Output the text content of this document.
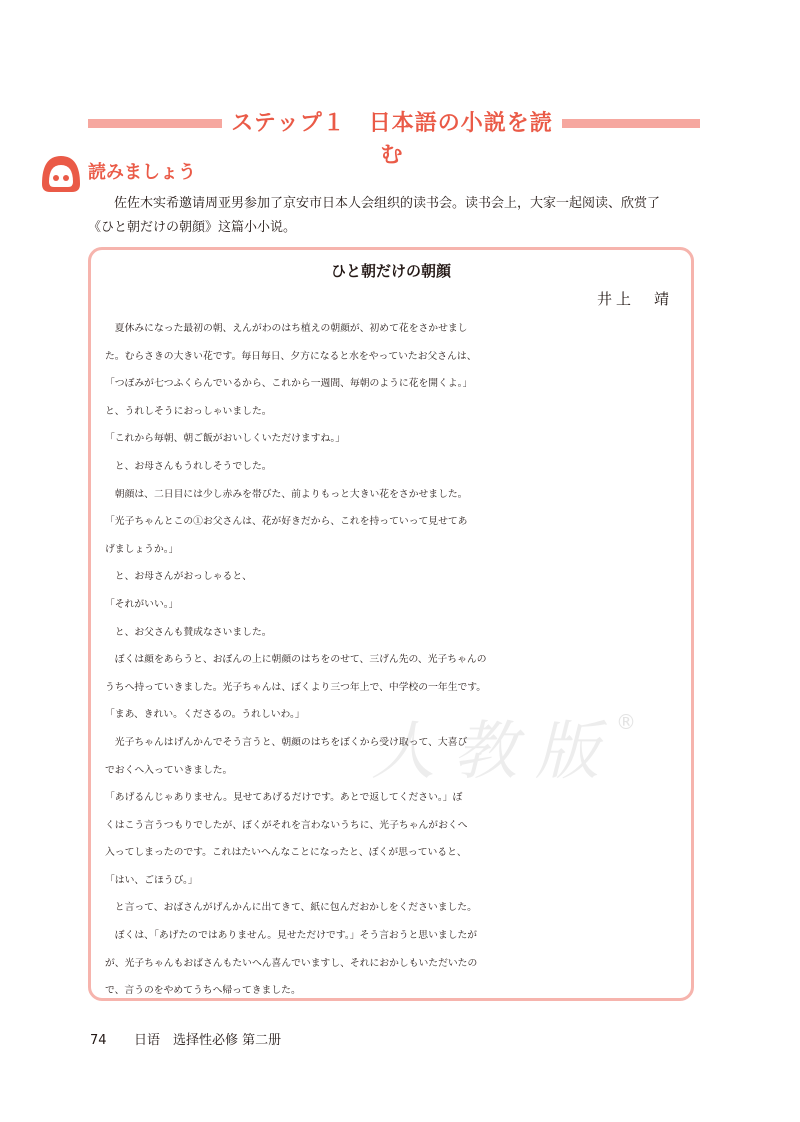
ステップ１　日本語の小説を読む
読みましょう

佐佐木实希邀请周亚男参加了京安市日本人会组织的读书会。读书会上，大家一起阅读、欣赏了

《ひと朝だけの朝顔》这篇小小说。

人教版 ®
ひと朝だけの朝顔
井上　靖
　夏休みになった最初の朝、えんがわのはち植えの朝顔が、初めて花をさかせまし
た。むらさきの大きい花です。毎日毎日、夕方になると水をやっていたお父さんは、
「つぼみが七つふくらんでいるから、これから一週間、毎朝のように花を開くよ。」
と、うれしそうにおっしゃいました。
「これから毎朝、朝ご飯がおいしくいただけますね。」
　と、お母さんもうれしそうでした。
　朝顔は、二日目には少し赤みを帯びた、前よりもっと大きい花をさかせました。
「光子ちゃんとこの①お父さんは、花が好きだから、これを持っていって見せてあ
げましょうか。」
　と、お母さんがおっしゃると、
「それがいい。」
　と、お父さんも賛成なさいました。
　ぼくは顔をあらうと、おぼんの上に朝顔のはちをのせて、三げん先の、光子ちゃんの
うちへ持っていきました。光子ちゃんは、ぼくより三つ年上で、中学校の一年生です。
「まあ、きれい。くださるの。うれしいわ。」
　光子ちゃんはげんかんでそう言うと、朝顔のはちをぼくから受け取って、大喜び
でおくへ入っていきました。
「あげるんじゃありません。見せてあげるだけです。あとで返してください。」ぼ
くはこう言うつもりでしたが、ぼくがそれを言わないうちに、光子ちゃんがおくへ
入ってしまったのです。これはたいへんなことになったと、ぼくが思っていると、
「はい、ごほうび。」
　と言って、おばさんがげんかんに出てきて、紙に包んだおかしをくださいました。
　ぼくは、「あげたのではありません。見せただけです。」そう言おうと思いましたが
が、光子ちゃんもおばさんもたいへん喜んでいますし、それにおかしもいただいたの
で、言うのをやめてうちへ帰ってきました。
74 日语　选择性必修 第二册
